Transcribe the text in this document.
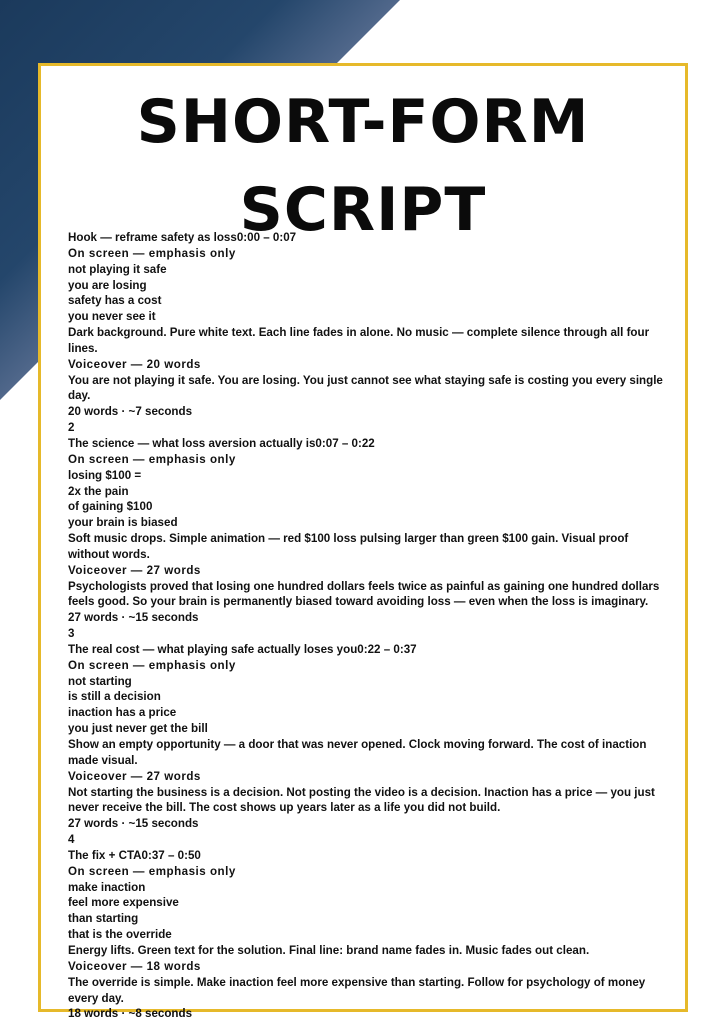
SHORT-FORM
SCRIPT
Hook — reframe safety as loss0:00 – 0:07
On screen — emphasis only
not playing it safe
you are losing
safety has a cost
you never see it
Dark background. Pure white text. Each line fades in alone. No music — complete silence through all four lines.
Voiceover — 20 words
You are not playing it safe. You are losing. You just cannot see what staying safe is costing you every single day.
20 words · ~7 seconds
2
The science — what loss aversion actually is0:07 – 0:22
On screen — emphasis only
losing $100 =
2x the pain
of gaining $100
your brain is biased
Soft music drops. Simple animation — red $100 loss pulsing larger than green $100 gain. Visual proof without words.
Voiceover — 27 words
Psychologists proved that losing one hundred dollars feels twice as painful as gaining one hundred dollars feels good. So your brain is permanently biased toward avoiding loss — even when the loss is imaginary.
27 words · ~15 seconds
3
The real cost — what playing safe actually loses you0:22 – 0:37
On screen — emphasis only
not starting
is still a decision
inaction has a price
you just never get the bill
Show an empty opportunity — a door that was never opened. Clock moving forward. The cost of inaction made visual.
Voiceover — 27 words
Not starting the business is a decision. Not posting the video is a decision. Inaction has a price — you just never receive the bill. The cost shows up years later as a life you did not build.
27 words · ~15 seconds
4
The fix + CTA0:37 – 0:50
On screen — emphasis only
make inaction
feel more expensive
than starting
that is the override
Energy lifts. Green text for the solution. Final line: brand name fades in. Music fades out clean.
Voiceover — 18 words
The override is simple. Make inaction feel more expensive than starting. Follow for psychology of money every day.
18 words · ~8 seconds
